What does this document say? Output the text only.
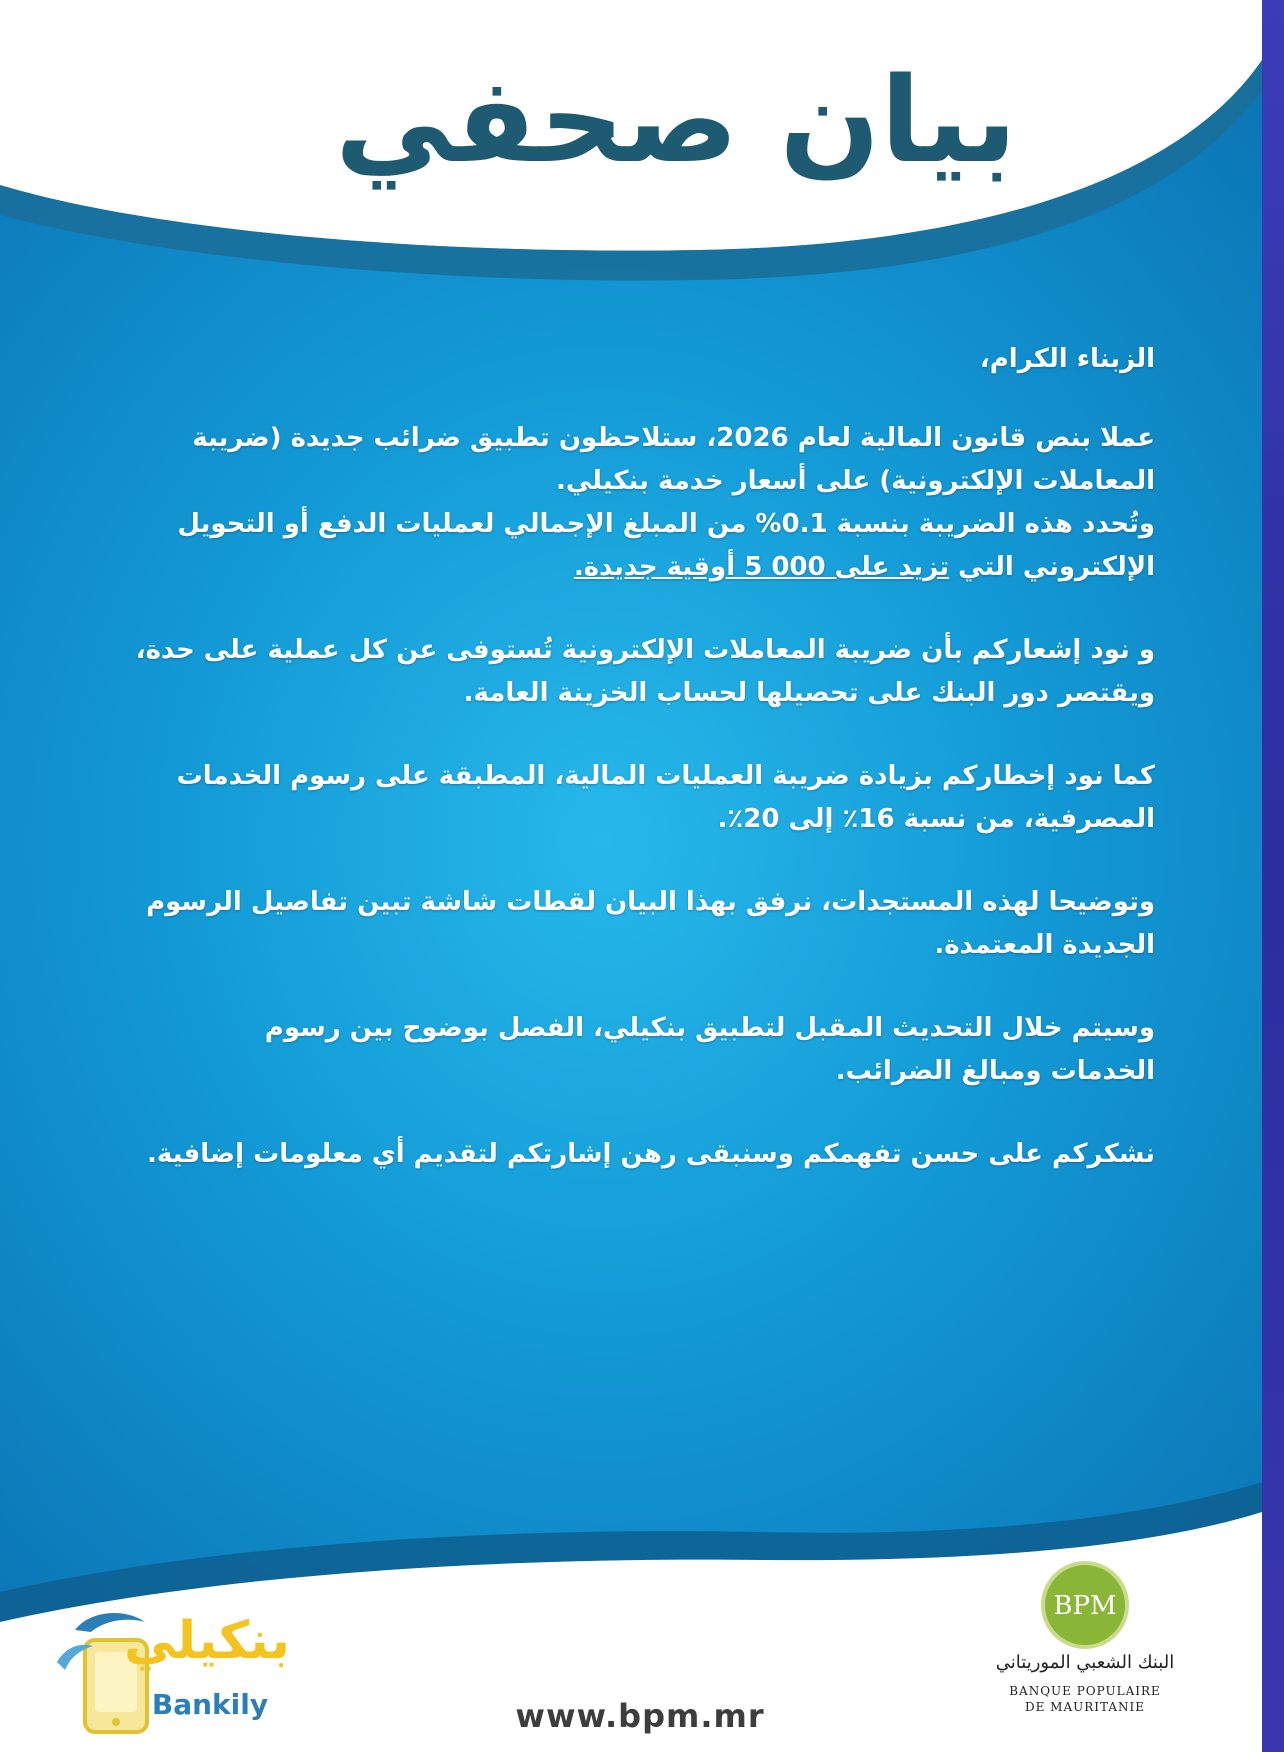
بيان صحفي

الزبناء الكرام،

عملا بنص قانون المالية لعام 2026، ستلاحظون تطبيق ضرائب جديدة (ضريبة
المعاملات الإلكترونية) على أسعار خدمة بنكيلي.
وتُحدد هذه الضريبة بنسبة 0.1% من المبلغ الإجمالي لعمليات الدفع أو التحويل
الإلكتروني التي تزيد على 000 5 أوقية جديدة.

و نود إشعاركم بأن ضريبة المعاملات الإلكترونية تُستوفى عن كل عملية على حدة،
ويقتصر دور البنك على تحصيلها لحساب الخزينة العامة.

كما نود إخطاركم بزيادة ضريبة العمليات المالية، المطبقة على رسوم الخدمات
المصرفية، من نسبة 16٪ إلى 20٪.

وتوضيحا لهذه المستجدات، نرفق بهذا البيان لقطات شاشة تبين تفاصيل الرسوم
الجديدة المعتمدة.

وسيتم خلال التحديث المقبل لتطبيق بنكيلي، الفصل بوضوح بين رسوم
الخدمات ومبالغ الضرائب.

نشكركم على حسن تفهمكم وسنبقى رهن إشارتكم لتقديم أي معلومات إضافية.

www.bpm.mr
BPM
البنك الشعبي الموريتاني
BANQUE POPULAIRE
DE MAURITANIE
بنكيلي
Bankily
